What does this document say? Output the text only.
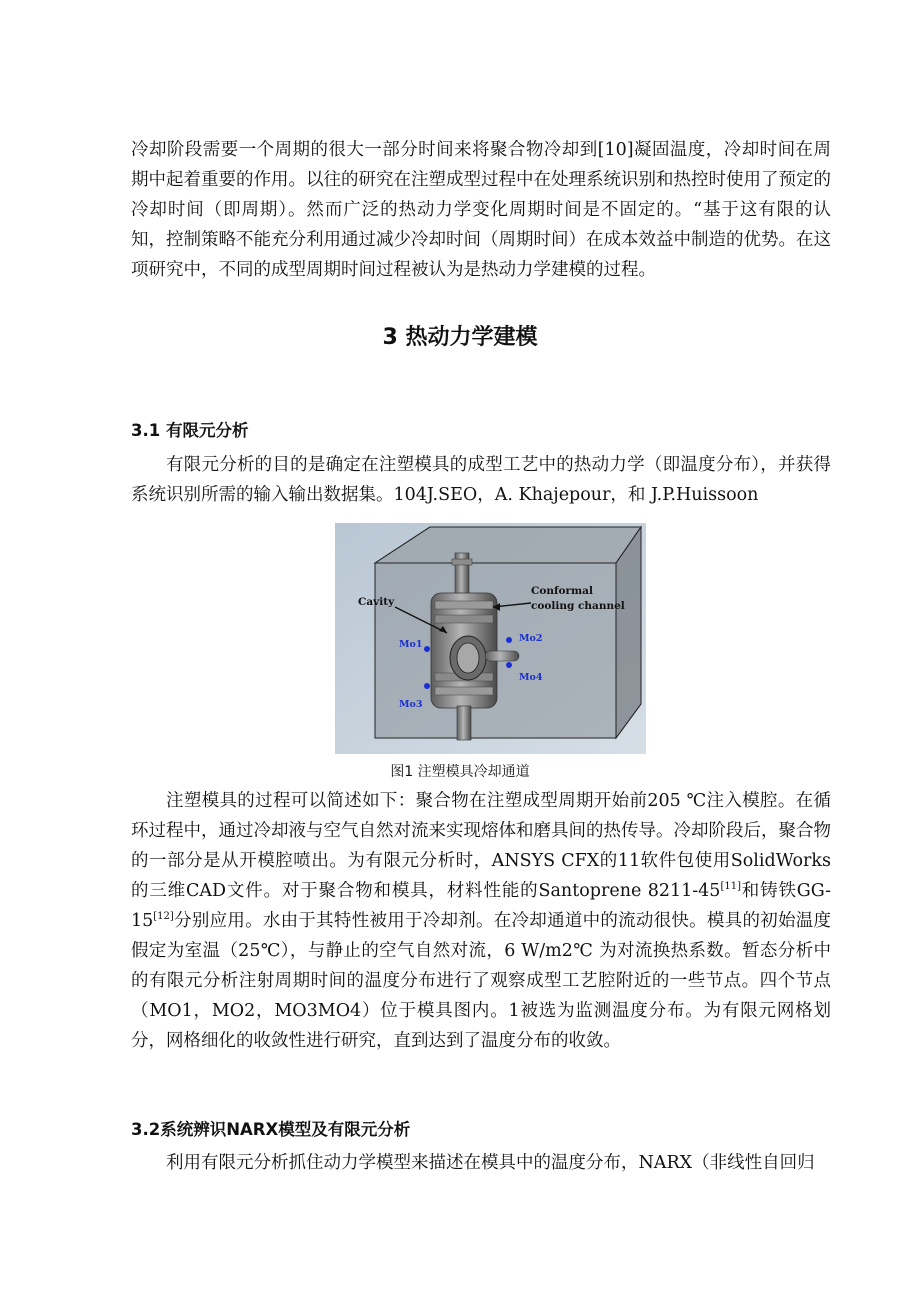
冷却阶段需要一个周期的很大一部分时间来将聚合物冷却到[10]凝固温度，冷却时间在周期中起着重要的作用。以往的研究在注塑成型过程中在处理系统识别和热控时使用了预定的冷却时间（即周期）。然而广泛的热动力学变化周期时间是不固定的。“基于这有限的认知，控制策略不能充分利用通过减少冷却时间（周期时间）在成本效益中制造的优势。在这项研究中，不同的成型周期时间过程被认为是热动力学建模的过程。

3 热动力学建模
3.1 有限元分析

有限元分析的目的是确定在注塑模具的成型工艺中的热动力学（即温度分布），并获得系统识别所需的输入输出数据集。104J.SEO，A. Khajepour，和 J.P.Huissoon

Cavity
Conformal
cooling channel
Mo1
Mo2
Mo3
Mo4

图1 注塑模具冷却通道

注塑模具的过程可以简述如下：聚合物在注塑成型周期开始前205 ℃注入模腔。在循环过程中，通过冷却液与空气自然对流来实现熔体和磨具间的热传导。冷却阶段后，聚合物的一部分是从开模腔喷出。为有限元分析时，ANSYS CFX的11软件包使用SolidWorks的三维CAD文件。对于聚合物和模具，材料性能的Santoprene 8211-45[11]和铸铁GG-15[12]分别应用。水由于其特性被用于冷却剂。在冷却通道中的流动很快。模具的初始温度假定为室温（25℃），与静止的空气自然对流，6 W/m2℃ 为对流换热系数。暂态分析中的有限元分析注射周期时间的温度分布进行了观察成型工艺腔附近的一些节点。四个节点（MO1，MO2，MO3MO4）位于模具图内。1被选为监测温度分布。为有限元网格划分，网格细化的收敛性进行研究，直到达到了温度分布的收敛。

3.2系统辨识NARX模型及有限元分析

利用有限元分析抓住动力学模型来描述在模具中的温度分布，NARX（非线性自回归
